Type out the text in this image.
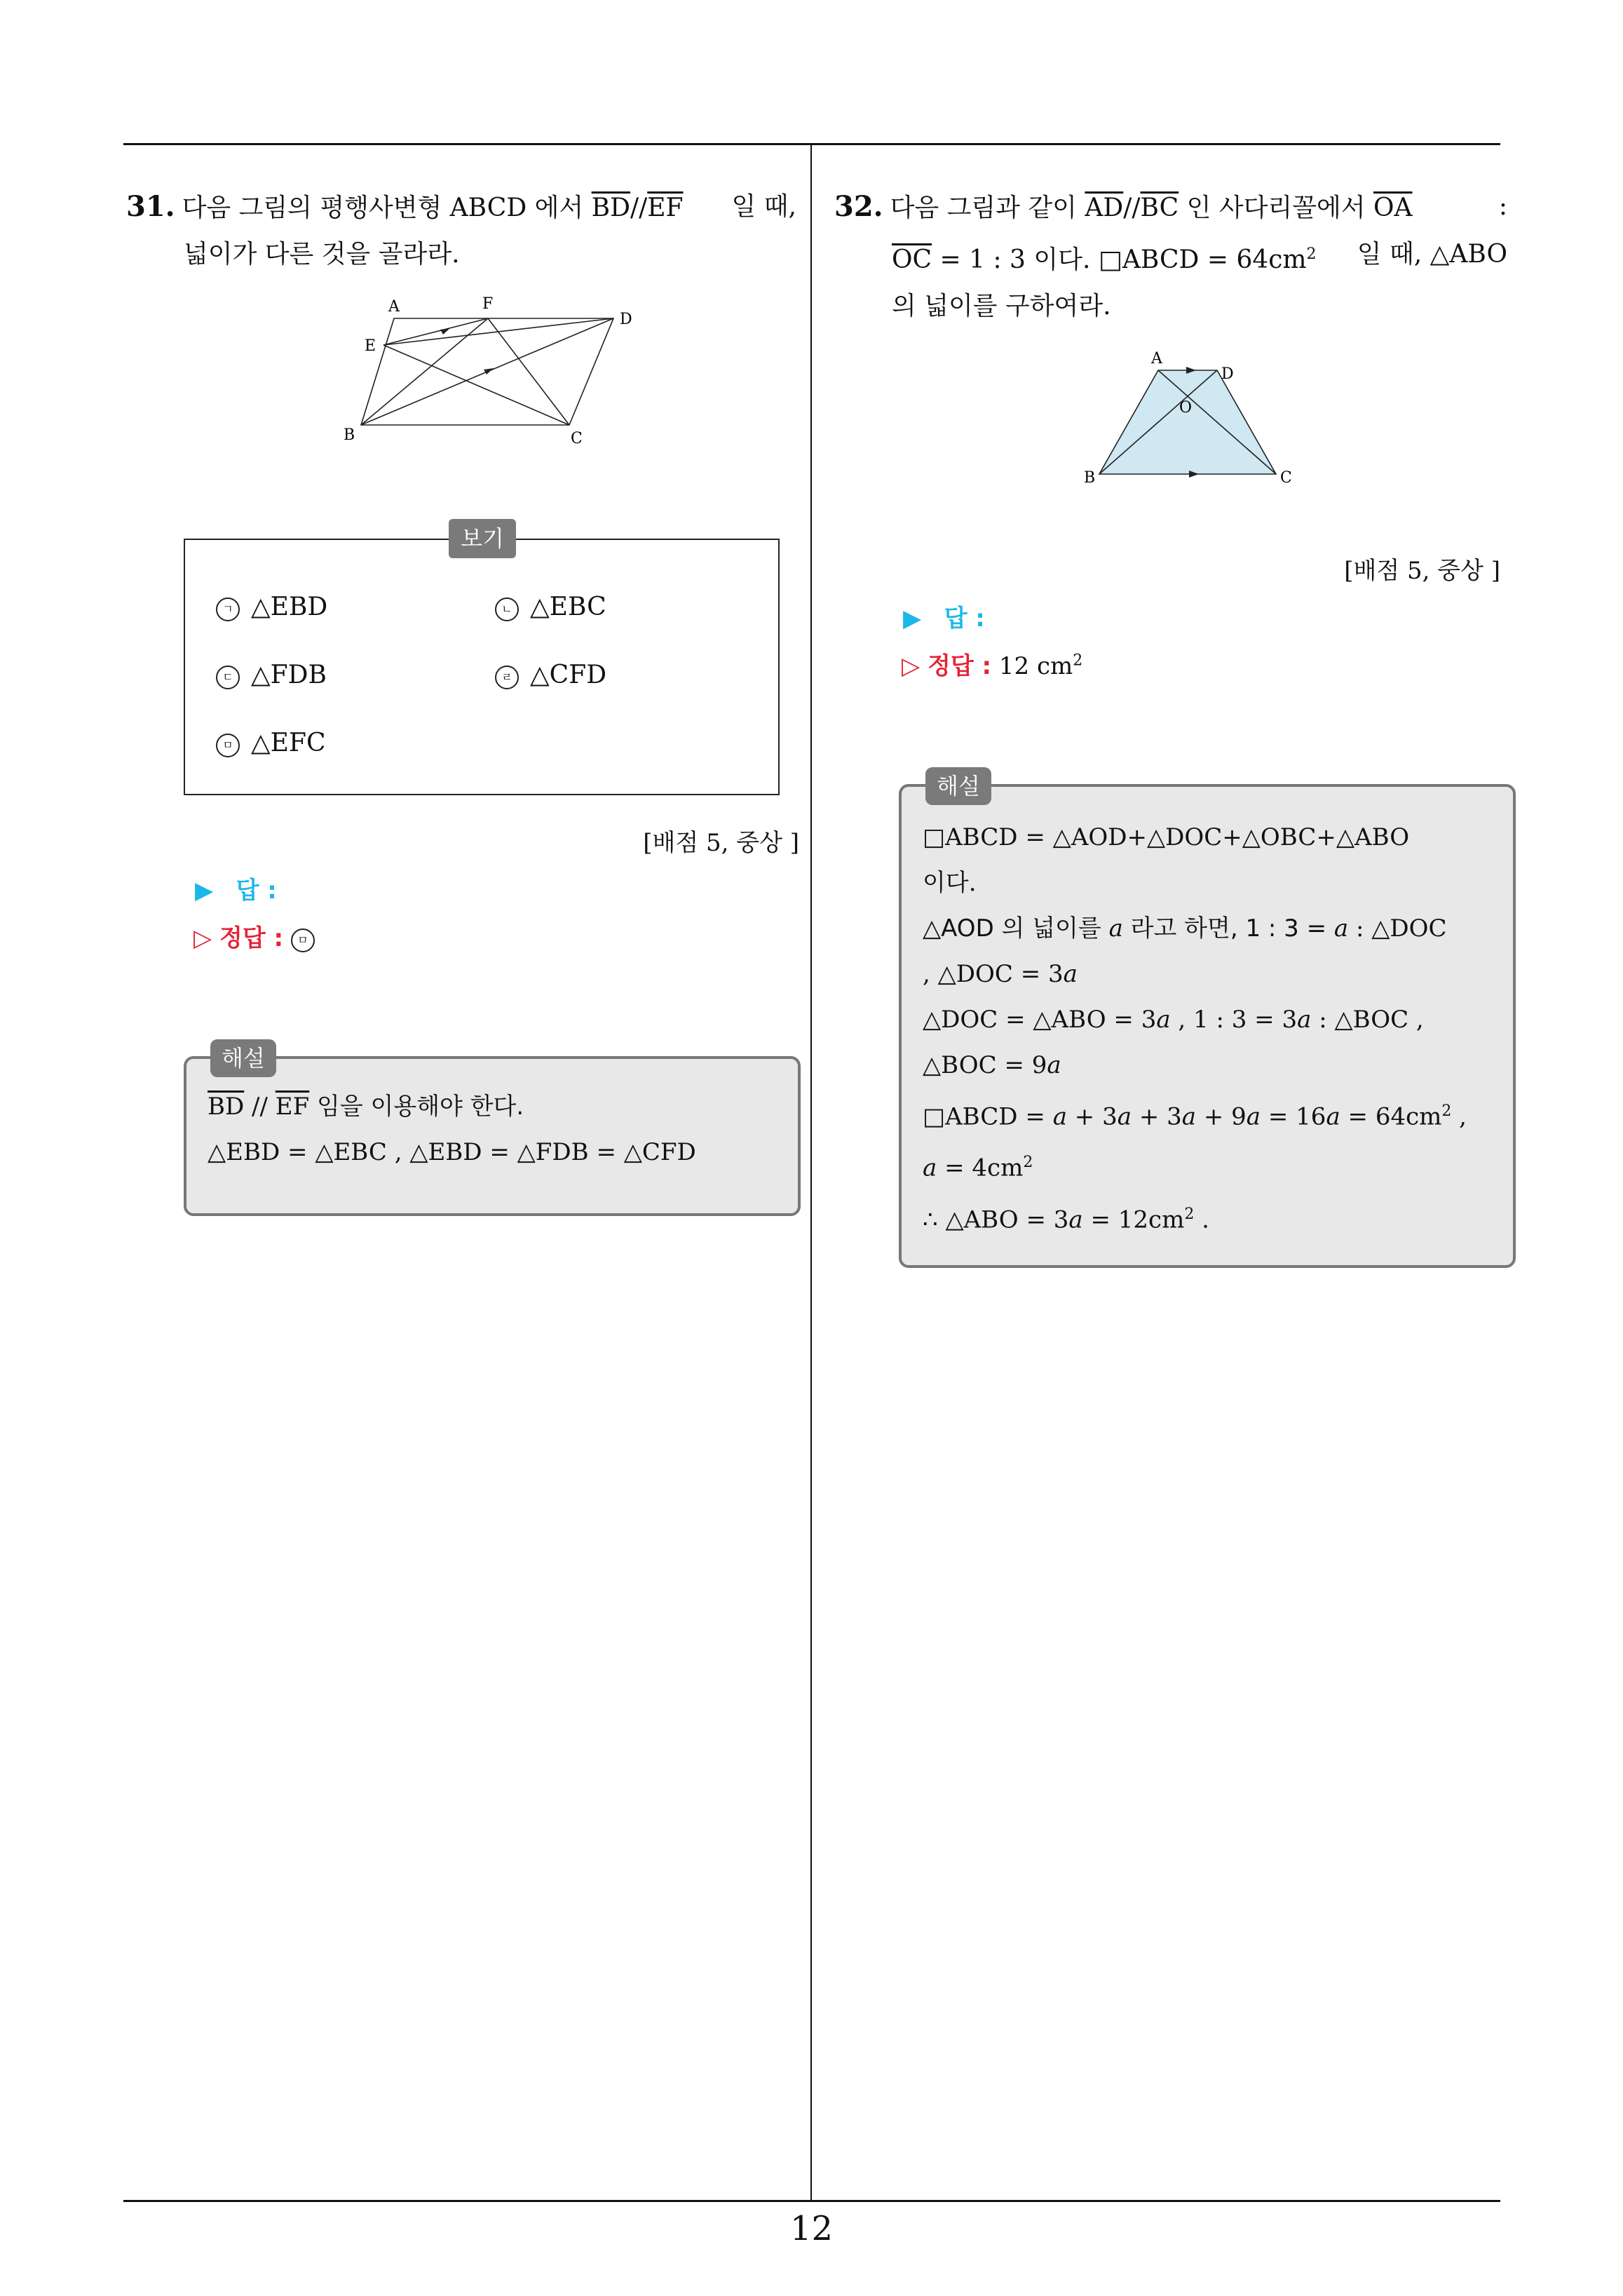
12
31. 다음 그림의 평행사변형 ABCD 에서 $\overline{BD}//\overline{EF}$ 일 때,
넓이가 다른 것을 골라라.
A	F
D
E
B	C
보기
ㄱ △EBD	ㄴ △EBC
ㄷ △FDB	ㄹ △CFD
ㅁ △EFC
[배점 5, 중상 ]
▶ 답 :
▷ 정답 : ㅁ
해설
$\overline{BD} // \overline{EF}$ 임을 이용해야 한다.
△EBD = △EBC , △EBD = △FDB = △CFD
32. 다음 그림과 같이 $\overline{AD}//\overline{BC}$ 인 사다리꼴에서 $\overline{OA}$	:
$\overline{OC} = 1$ : 3 이다. □ABCD = $64cm^2$ 일 때, △ABO
의 넓이를 구하여라.
A
D
O
B	C
[배점 5, 중상 ]
▶ 답 :
▷ 정답 : 12 $cm^2$
해설
□ABCD = △AOD+△DOC+△OBC+△ABO
이다.
△AOD 의 넓이를 a 라고 하면, 1 : 3 = a : △DOC
, △DOC = 3a
△DOC = △ABO = 3a , 1 : 3 = 3a : △BOC ,
△BOC = 9a
□ABCD = $a + 3a + 3a + 9a = 16a = 64cm^2$ ,
$a = 4cm^2$
∴ △ABO = $3a = 12cm^2$ .
